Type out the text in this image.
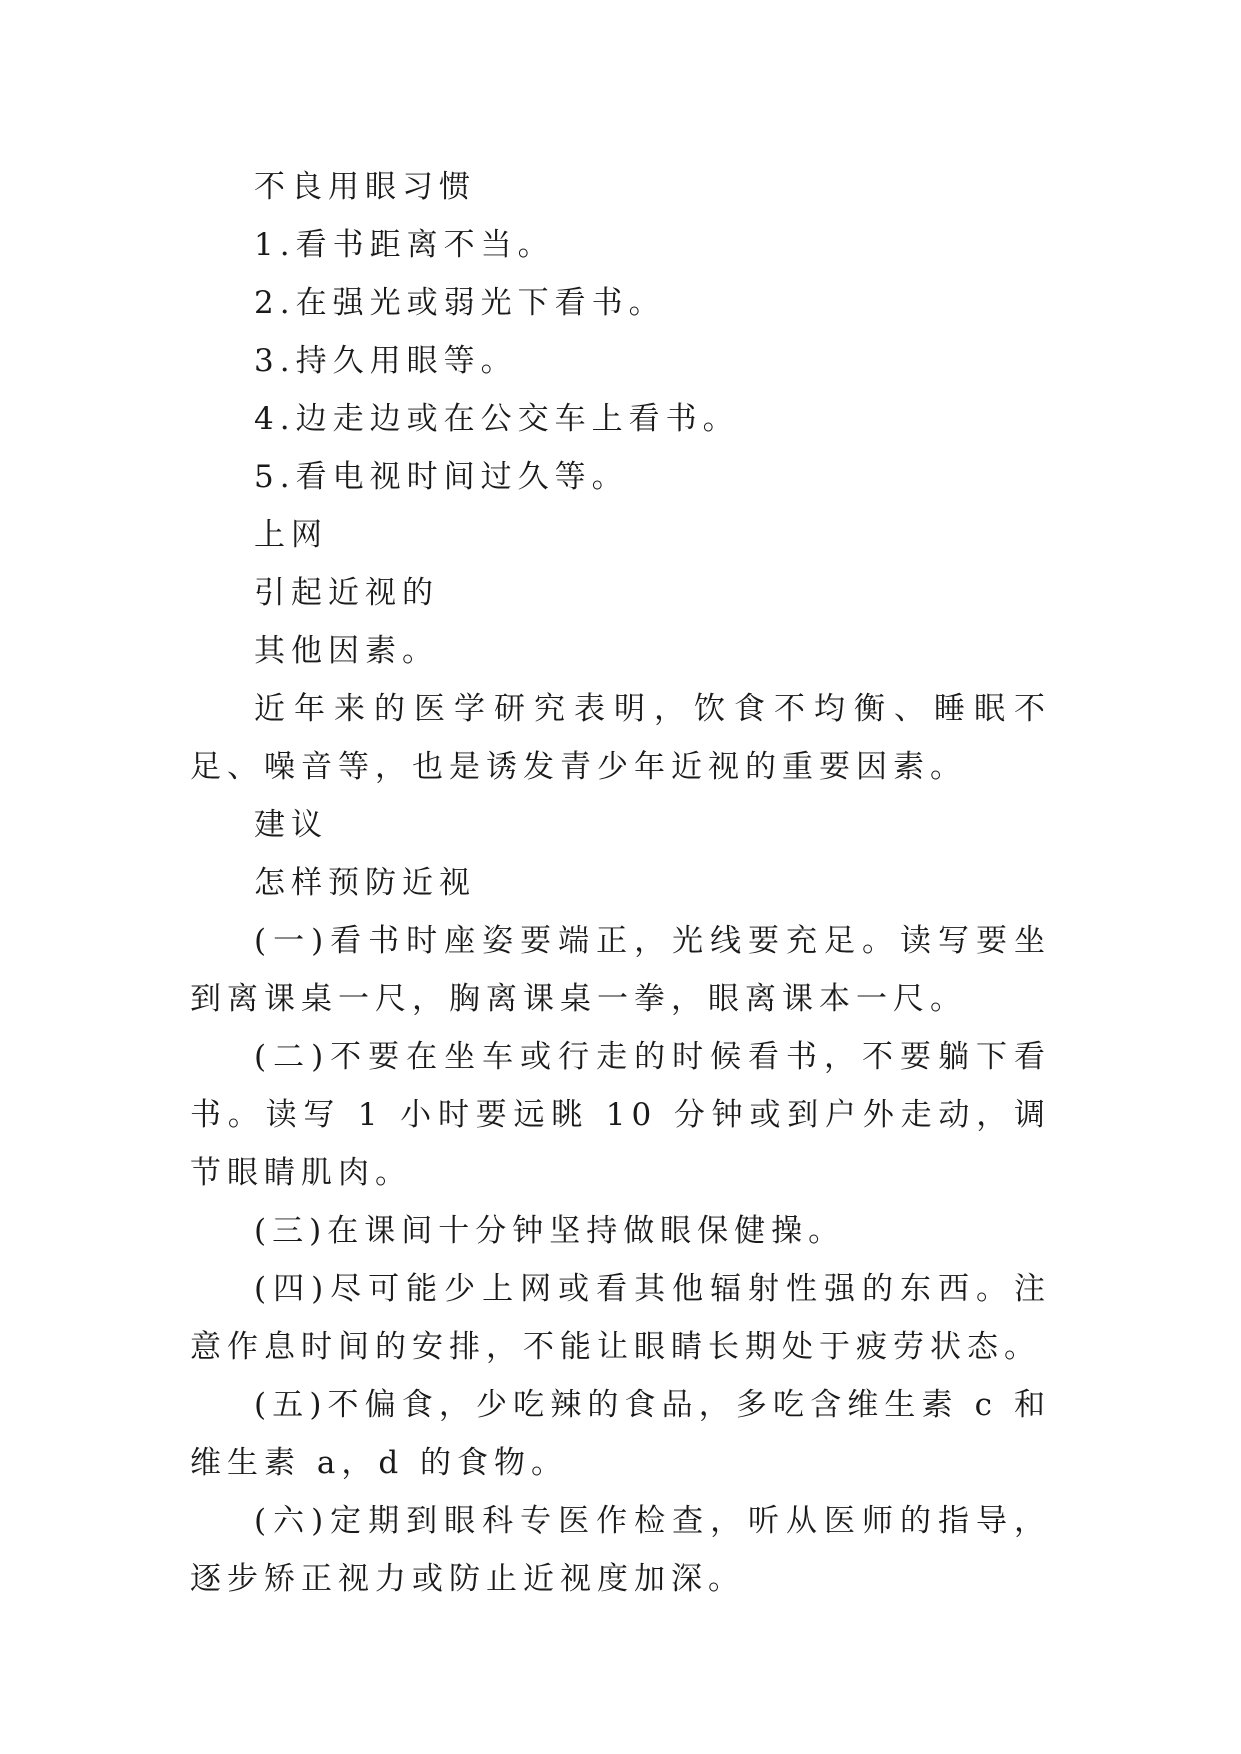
不良用眼习惯

1.看书距离不当。

2.在强光或弱光下看书。

3.持久用眼等。

4.边走边或在公交车上看书。

5.看电视时间过久等。

上网

引起近视的

其他因素。

近年来的医学研究表明，饮食不均衡、睡眠不足、噪音等，也是诱发青少年近视的重要因素。

建议

怎样预防近视

(一)看书时座姿要端正，光线要充足。读写要坐到离课桌一尺，胸离课桌一拳，眼离课本一尺。

(二)不要在坐车或行走的时候看书，不要躺下看书。读写 1 小时要远眺 10 分钟或到户外走动，调节眼睛肌肉。

(三)在课间十分钟坚持做眼保健操。

(四)尽可能少上网或看其他辐射性强的东西。注意作息时间的安排，不能让眼睛长期处于疲劳状态。

(五)不偏食，少吃辣的食品，多吃含维生素 c 和维生素 a，d 的食物。

(六)定期到眼科专医作检查，听从医师的指导，逐步矫正视力或防止近视度加深。
